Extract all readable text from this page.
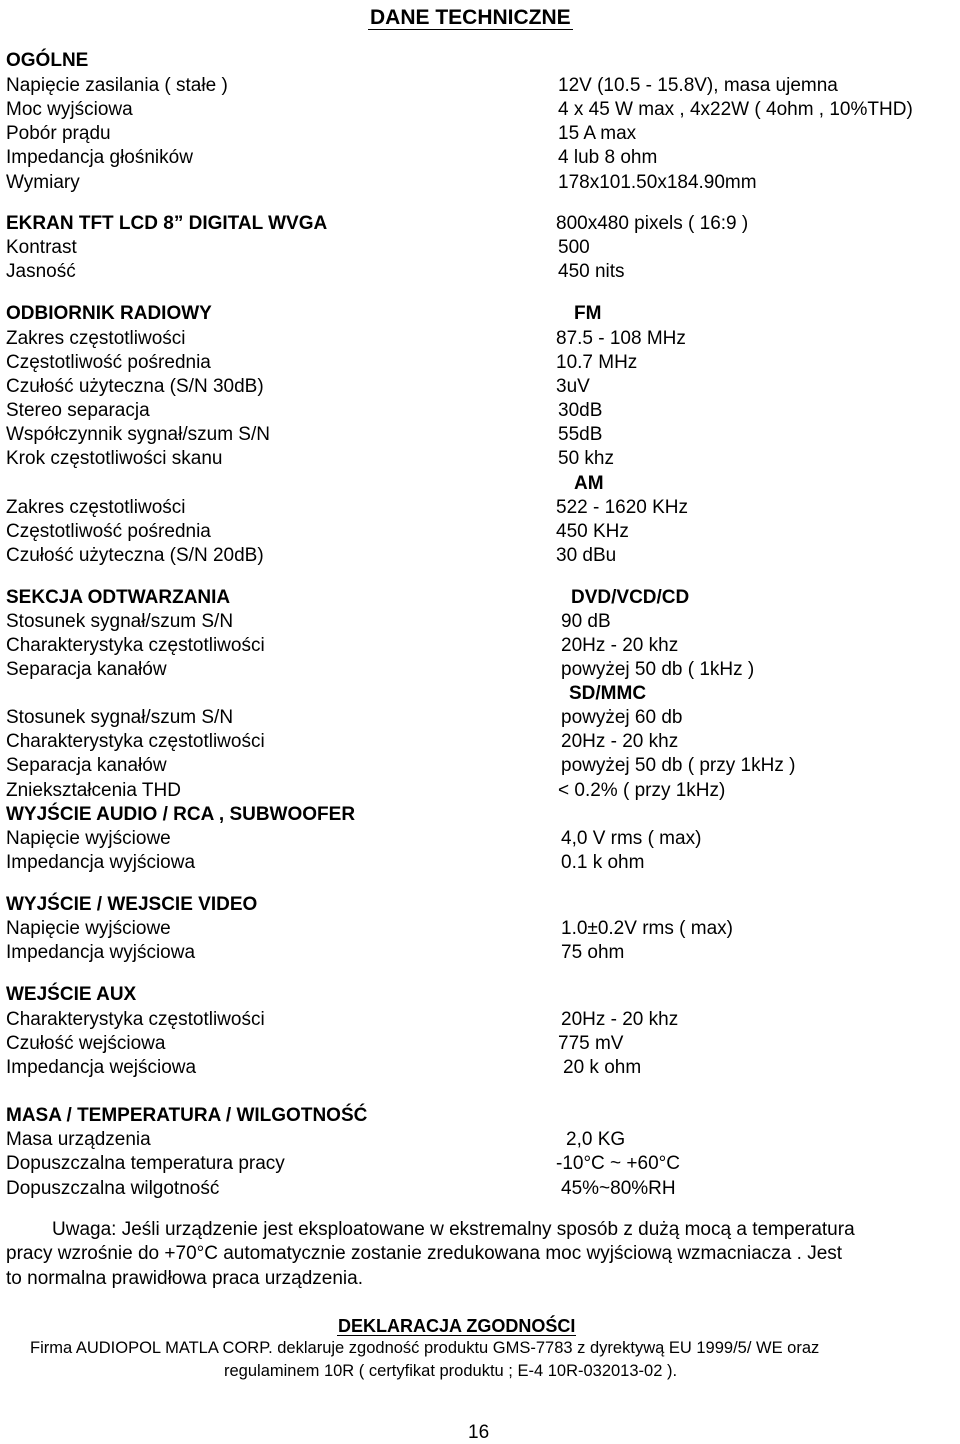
DANE TECHNICZNE
OGÓLNE
Napięcie zasilania ( stałe )	12V (10.5 - 15.8V), masa ujemna
Moc wyjściowa	4 x 45 W max , 4x22W ( 4ohm , 10%THD)
Pobór prądu	15 A max
Impedancja głośników	4 lub 8 ohm
Wymiary	178x101.50x184.90mm
EKRAN TFT LCD 8” DIGITAL WVGA	800x480 pixels ( 16:9 )
Kontrast	500
Jasność	450 nits
ODBIORNIK RADIOWY	FM
Zakres częstotliwości	87.5 - 108 MHz
Częstotliwość pośrednia	10.7 MHz
Czułość użyteczna (S/N 30dB)	3uV
Stereo separacja	30dB
Współczynnik sygnał/szum S/N	55dB
Krok częstotliwości skanu	50 khz
AM
Zakres częstotliwości	522 - 1620 KHz
Częstotliwość pośrednia	450 KHz
Czułość użyteczna (S/N 20dB)	30 dBu
SEKCJA ODTWARZANIA	DVD/VCD/CD
Stosunek sygnał/szum S/N	90 dB
Charakterystyka częstotliwości	20Hz - 20 khz
Separacja kanałów	powyżej 50 db ( 1kHz )
SD/MMC
Stosunek sygnał/szum S/N	powyżej 60 db
Charakterystyka częstotliwości	20Hz - 20 khz
Separacja kanałów	powyżej 50 db ( przy 1kHz )
Zniekształcenia THD	< 0.2% ( przy 1kHz)
WYJŚCIE AUDIO / RCA , SUBWOOFER
Napięcie wyjściowe	4,0 V rms ( max)
Impedancja wyjściowa	0.1 k ohm
WYJŚCIE / WEJSCIE VIDEO
Napięcie wyjściowe	1.0±0.2V rms ( max)
Impedancja wyjściowa	75 ohm
WEJŚCIE AUX
Charakterystyka częstotliwości	20Hz - 20 khz
Czułość wejściowa	775 mV
Impedancja wejściowa	20 k ohm
MASA / TEMPERATURA / WILGOTNOŚĆ
Masa urządzenia	2,0 KG
Dopuszczalna temperatura pracy	-10°C ~ +60°C
Dopuszczalna wilgotność	45%~80%RH
Uwaga: Jeśli urządzenie jest eksploatowane w ekstremalny sposób z dużą mocą a temperatura
pracy wzrośnie do +70°C automatycznie zostanie zredukowana moc wyjściową wzmacniacza . Jest
to normalna prawidłowa praca urządzenia.
DEKLARACJA ZGODNOŚCI
Firma AUDIOPOL MATLA CORP. deklaruje zgodność produktu GMS-7783 z dyrektywą EU 1999/5/ WE oraz
regulaminem 10R ( certyfikat produktu ; E-4 10R-032013-02 ).
16
